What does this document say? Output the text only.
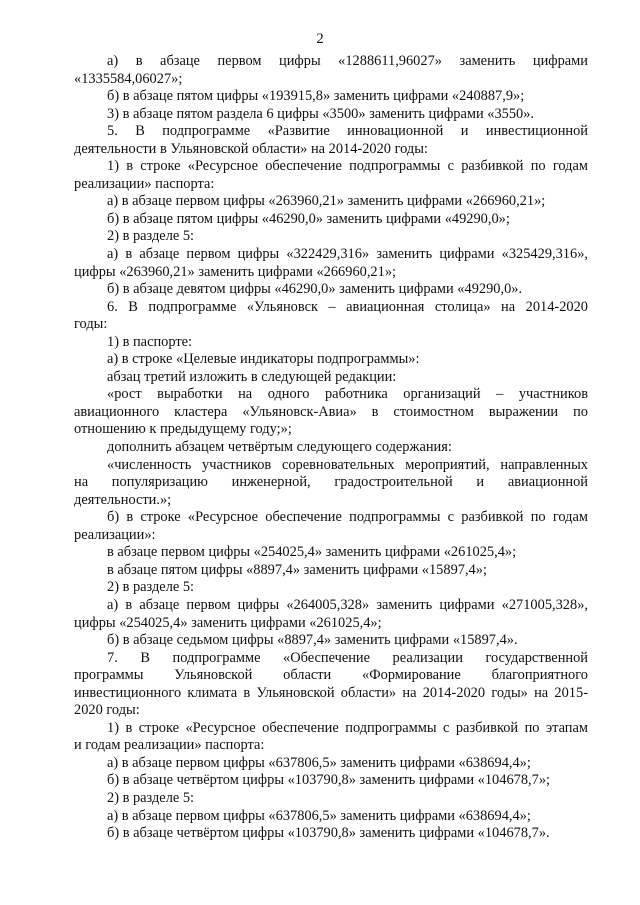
2

а) в абзаце первом цифры «1288611,96027» заменить цифрами

«1335584,06027»;

б) в абзаце пятом цифры «193915,8» заменить цифрами «240887,9»;

3) в абзаце пятом раздела 6 цифры «3500» заменить цифрами «3550».

5. В подпрограмме «Развитие инновационной и инвестиционной

деятельности в Ульяновской области» на 2014-2020 годы:

1) в строке «Ресурсное обеспечение подпрограммы с разбивкой по годам

реализации» паспорта:

а) в абзаце первом цифры «263960,21» заменить цифрами «266960,21»;

б) в абзаце пятом цифры «46290,0» заменить цифрами «49290,0»;

2) в разделе 5:

а) в абзаце первом цифры «322429,316» заменить цифрами «325429,316»,

цифры «263960,21» заменить цифрами «266960,21»;

б) в абзаце девятом цифры «46290,0» заменить цифрами «49290,0».

6. В подпрограмме «Ульяновск – авиационная столица» на 2014-2020

годы:

1) в паспорте:

а) в строке «Целевые индикаторы подпрограммы»:

абзац третий изложить в следующей редакции:

«рост выработки на одного работника организаций – участников

авиационного кластера «Ульяновск-Авиа» в стоимостном выражении по

отношению к предыдущему году;»;

дополнить абзацем четвёртым следующего содержания:

«численность участников соревновательных мероприятий, направленных

на популяризацию инженерной, градостроительной и авиационной

деятельности.»;

б) в строке «Ресурсное обеспечение подпрограммы с разбивкой по годам

реализации»:

в абзаце первом цифры «254025,4» заменить цифрами «261025,4»;

в абзаце пятом цифры «8897,4» заменить цифрами «15897,4»;

2) в разделе 5:

а) в абзаце первом цифры «264005,328» заменить цифрами «271005,328»,

цифры «254025,4» заменить цифрами «261025,4»;

б) в абзаце седьмом цифры «8897,4» заменить цифрами «15897,4».

7. В подпрограмме «Обеспечение реализации государственной

программы Ульяновской области «Формирование благоприятного

инвестиционного климата в Ульяновской области» на 2014-2020 годы» на 2015-

2020 годы:

1) в строке «Ресурсное обеспечение подпрограммы с разбивкой по этапам

и годам реализации» паспорта:

а) в абзаце первом цифры «637806,5» заменить цифрами «638694,4»;

б) в абзаце четвёртом цифры «103790,8» заменить цифрами «104678,7»;

2) в разделе 5:

а) в абзаце первом цифры «637806,5» заменить цифрами «638694,4»;

б) в абзаце четвёртом цифры «103790,8» заменить цифрами «104678,7».
